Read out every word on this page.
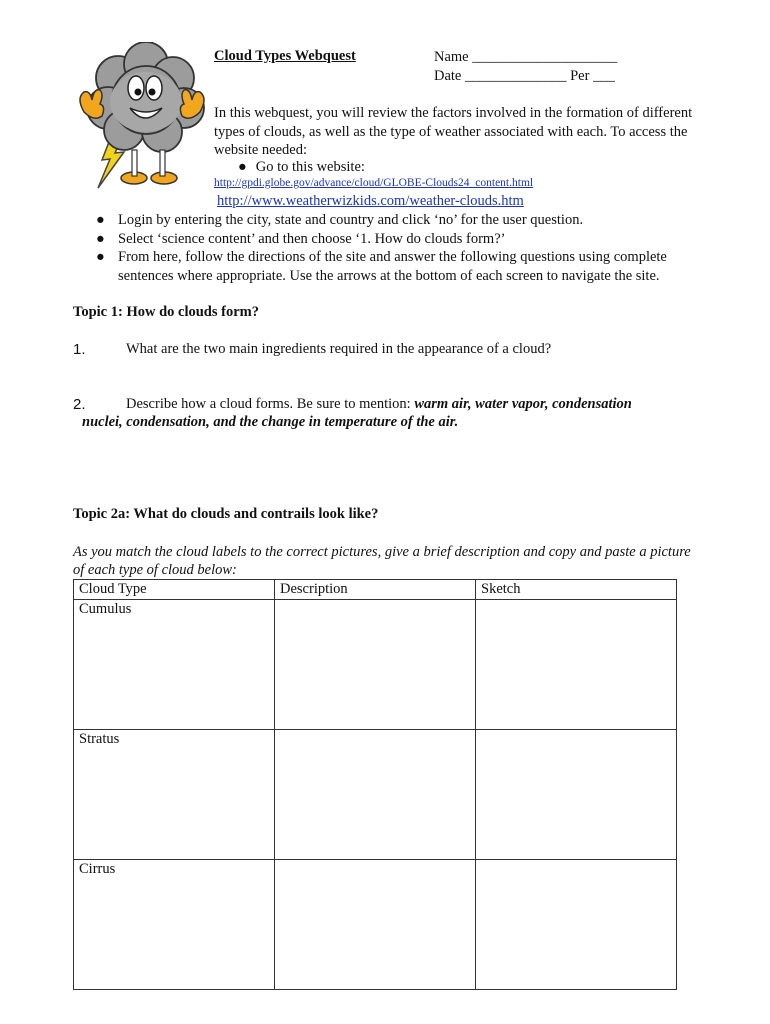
Cloud Types Webquest	Name ____________________
Date ______________ Per ___
In this webquest, you will review the factors involved in the formation of different types of clouds, as well as the type of weather associated with each. To access the website needed:
● Go to this website:
http://gpdi.globe.gov/advance/cloud/GLOBE-Clouds24_content.html
http://www.weatherwizkids.com/weather-clouds.htm
● Login by entering the city, state and country and click ‘no’ for the user question.
● Select ‘science content’ and then choose ‘1. How do clouds form?’
● From here, follow the directions of the site and answer the following questions using complete sentences where appropriate. Use the arrows at the bottom of each screen to navigate the site.
Topic 1: How do clouds form?
1.	What are the two main ingredients required in the appearance of a cloud?
2.	Describe how a cloud forms. Be sure to mention: warm air, water vapor, condensation
nuclei, condensation, and the change in temperature of the air.
Topic 2a: What do clouds and contrails look like?
As you match the cloud labels to the correct pictures, give a brief description and copy and paste a picture of each type of cloud below:
Cloud Type	Description	Sketch
Cumulus		
Stratus		
Cirrus		
